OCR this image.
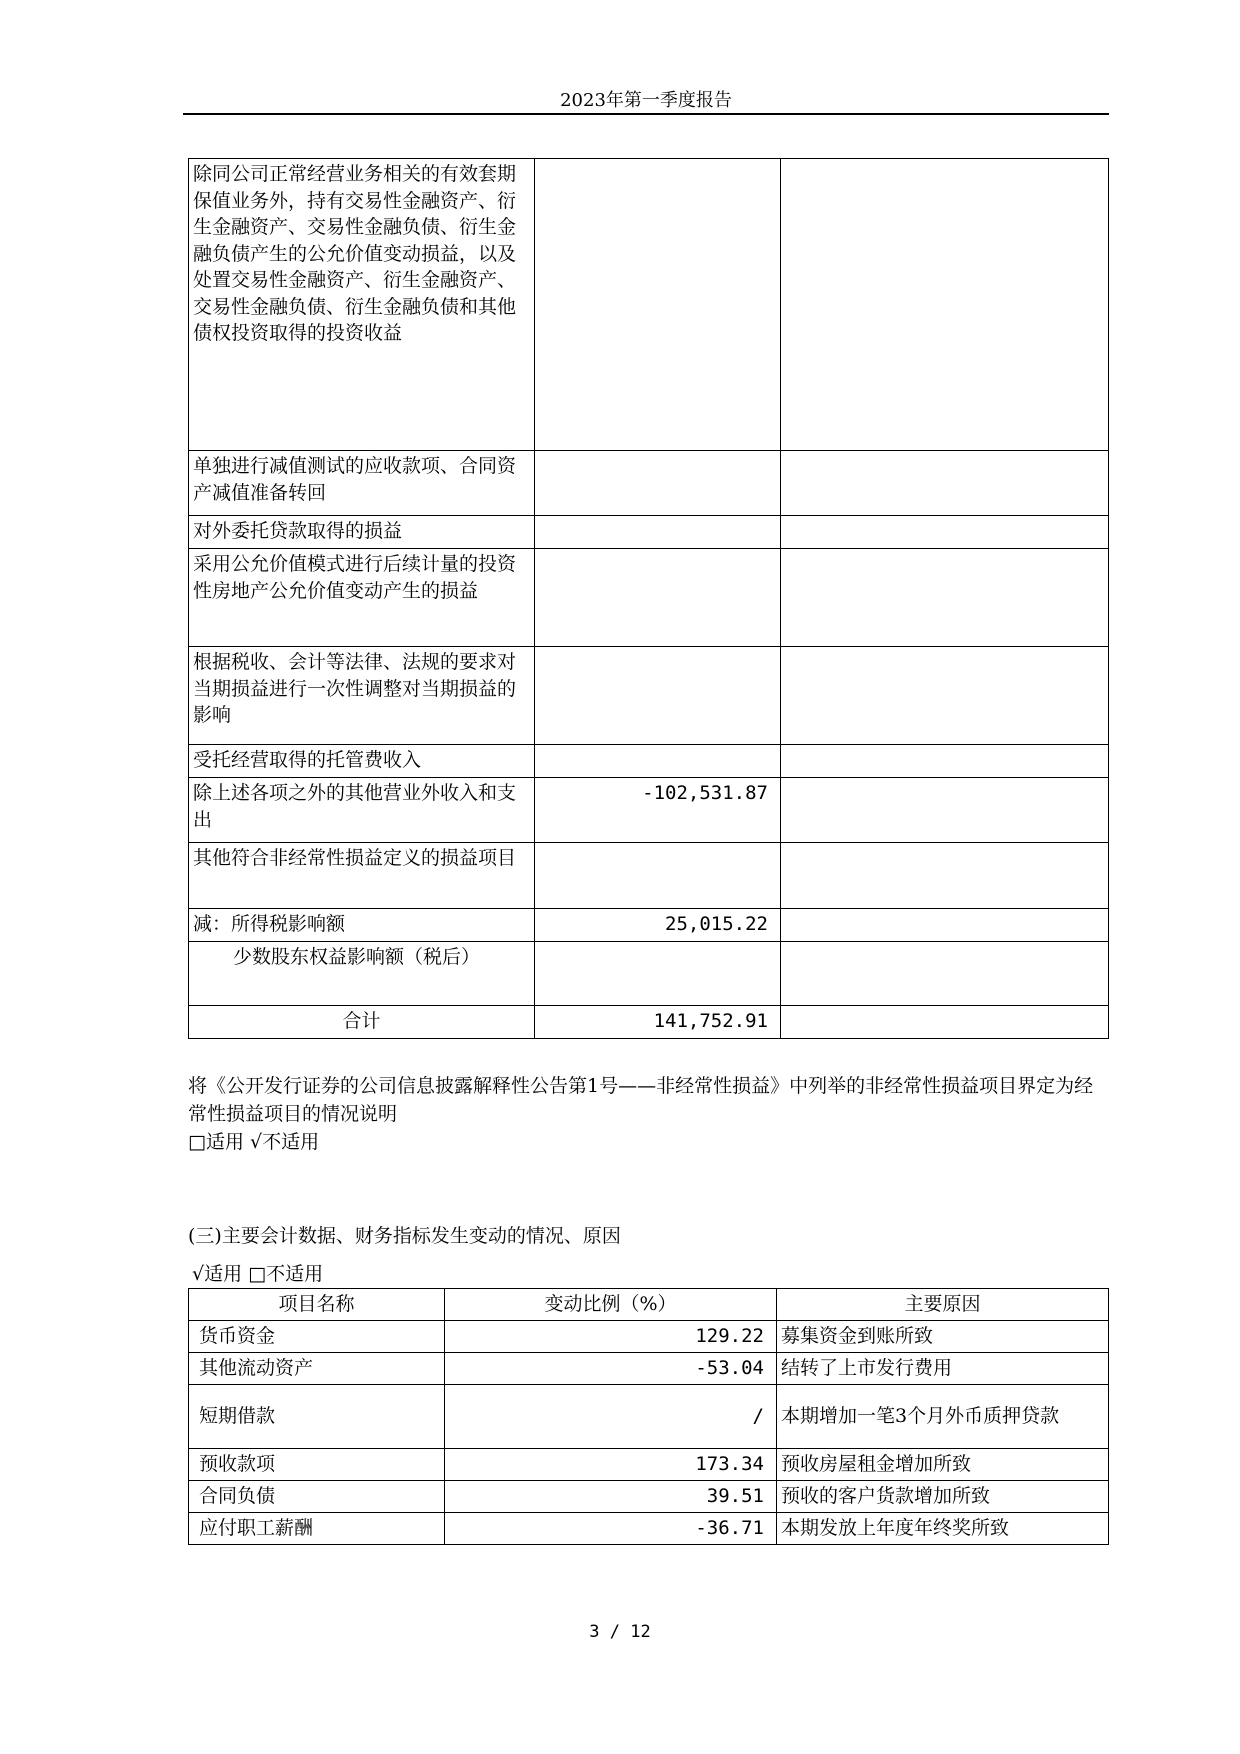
2023年第一季度报告
除同公司正常经营业务相关的有效套期保值业务外，持有交易性金融资产、衍生金融资产、交易性金融负债、衍生金融负债产生的公允价值变动损益，以及处置交易性金融资产、衍生金融资产、交易性金融负债、衍生金融负债和其他债权投资取得的投资收益		
单独进行减值测试的应收款项、合同资产减值准备转回		
对外委托贷款取得的损益		
采用公允价值模式进行后续计量的投资性房地产公允价值变动产生的损益		
根据税收、会计等法律、法规的要求对当期损益进行一次性调整对当期损益的影响		
受托经营取得的托管费收入		
除上述各项之外的其他营业外收入和支出	-102,531.87	
其他符合非经常性损益定义的损益项目		
减：所得税影响额	25,015.22	
少数股东权益影响额（税后）		
合计	141,752.91	
将《公开发行证券的公司信息披露解释性公告第1号——非经常性损益》中列举的非经常性损益项目界定为经常性损益项目的情况说明
□适用 √不适用
(三)主要会计数据、财务指标发生变动的情况、原因
√适用 □不适用
项目名称	变动比例（%）	主要原因
货币资金	129.22	募集资金到账所致
其他流动资产	-53.04	结转了上市发行费用
短期借款	/	本期增加一笔3个月外币质押贷款
预收款项	173.34	预收房屋租金增加所致
合同负债	39.51	预收的客户货款增加所致
应付职工薪酬	-36.71	本期发放上年度年终奖所致
3 / 12
